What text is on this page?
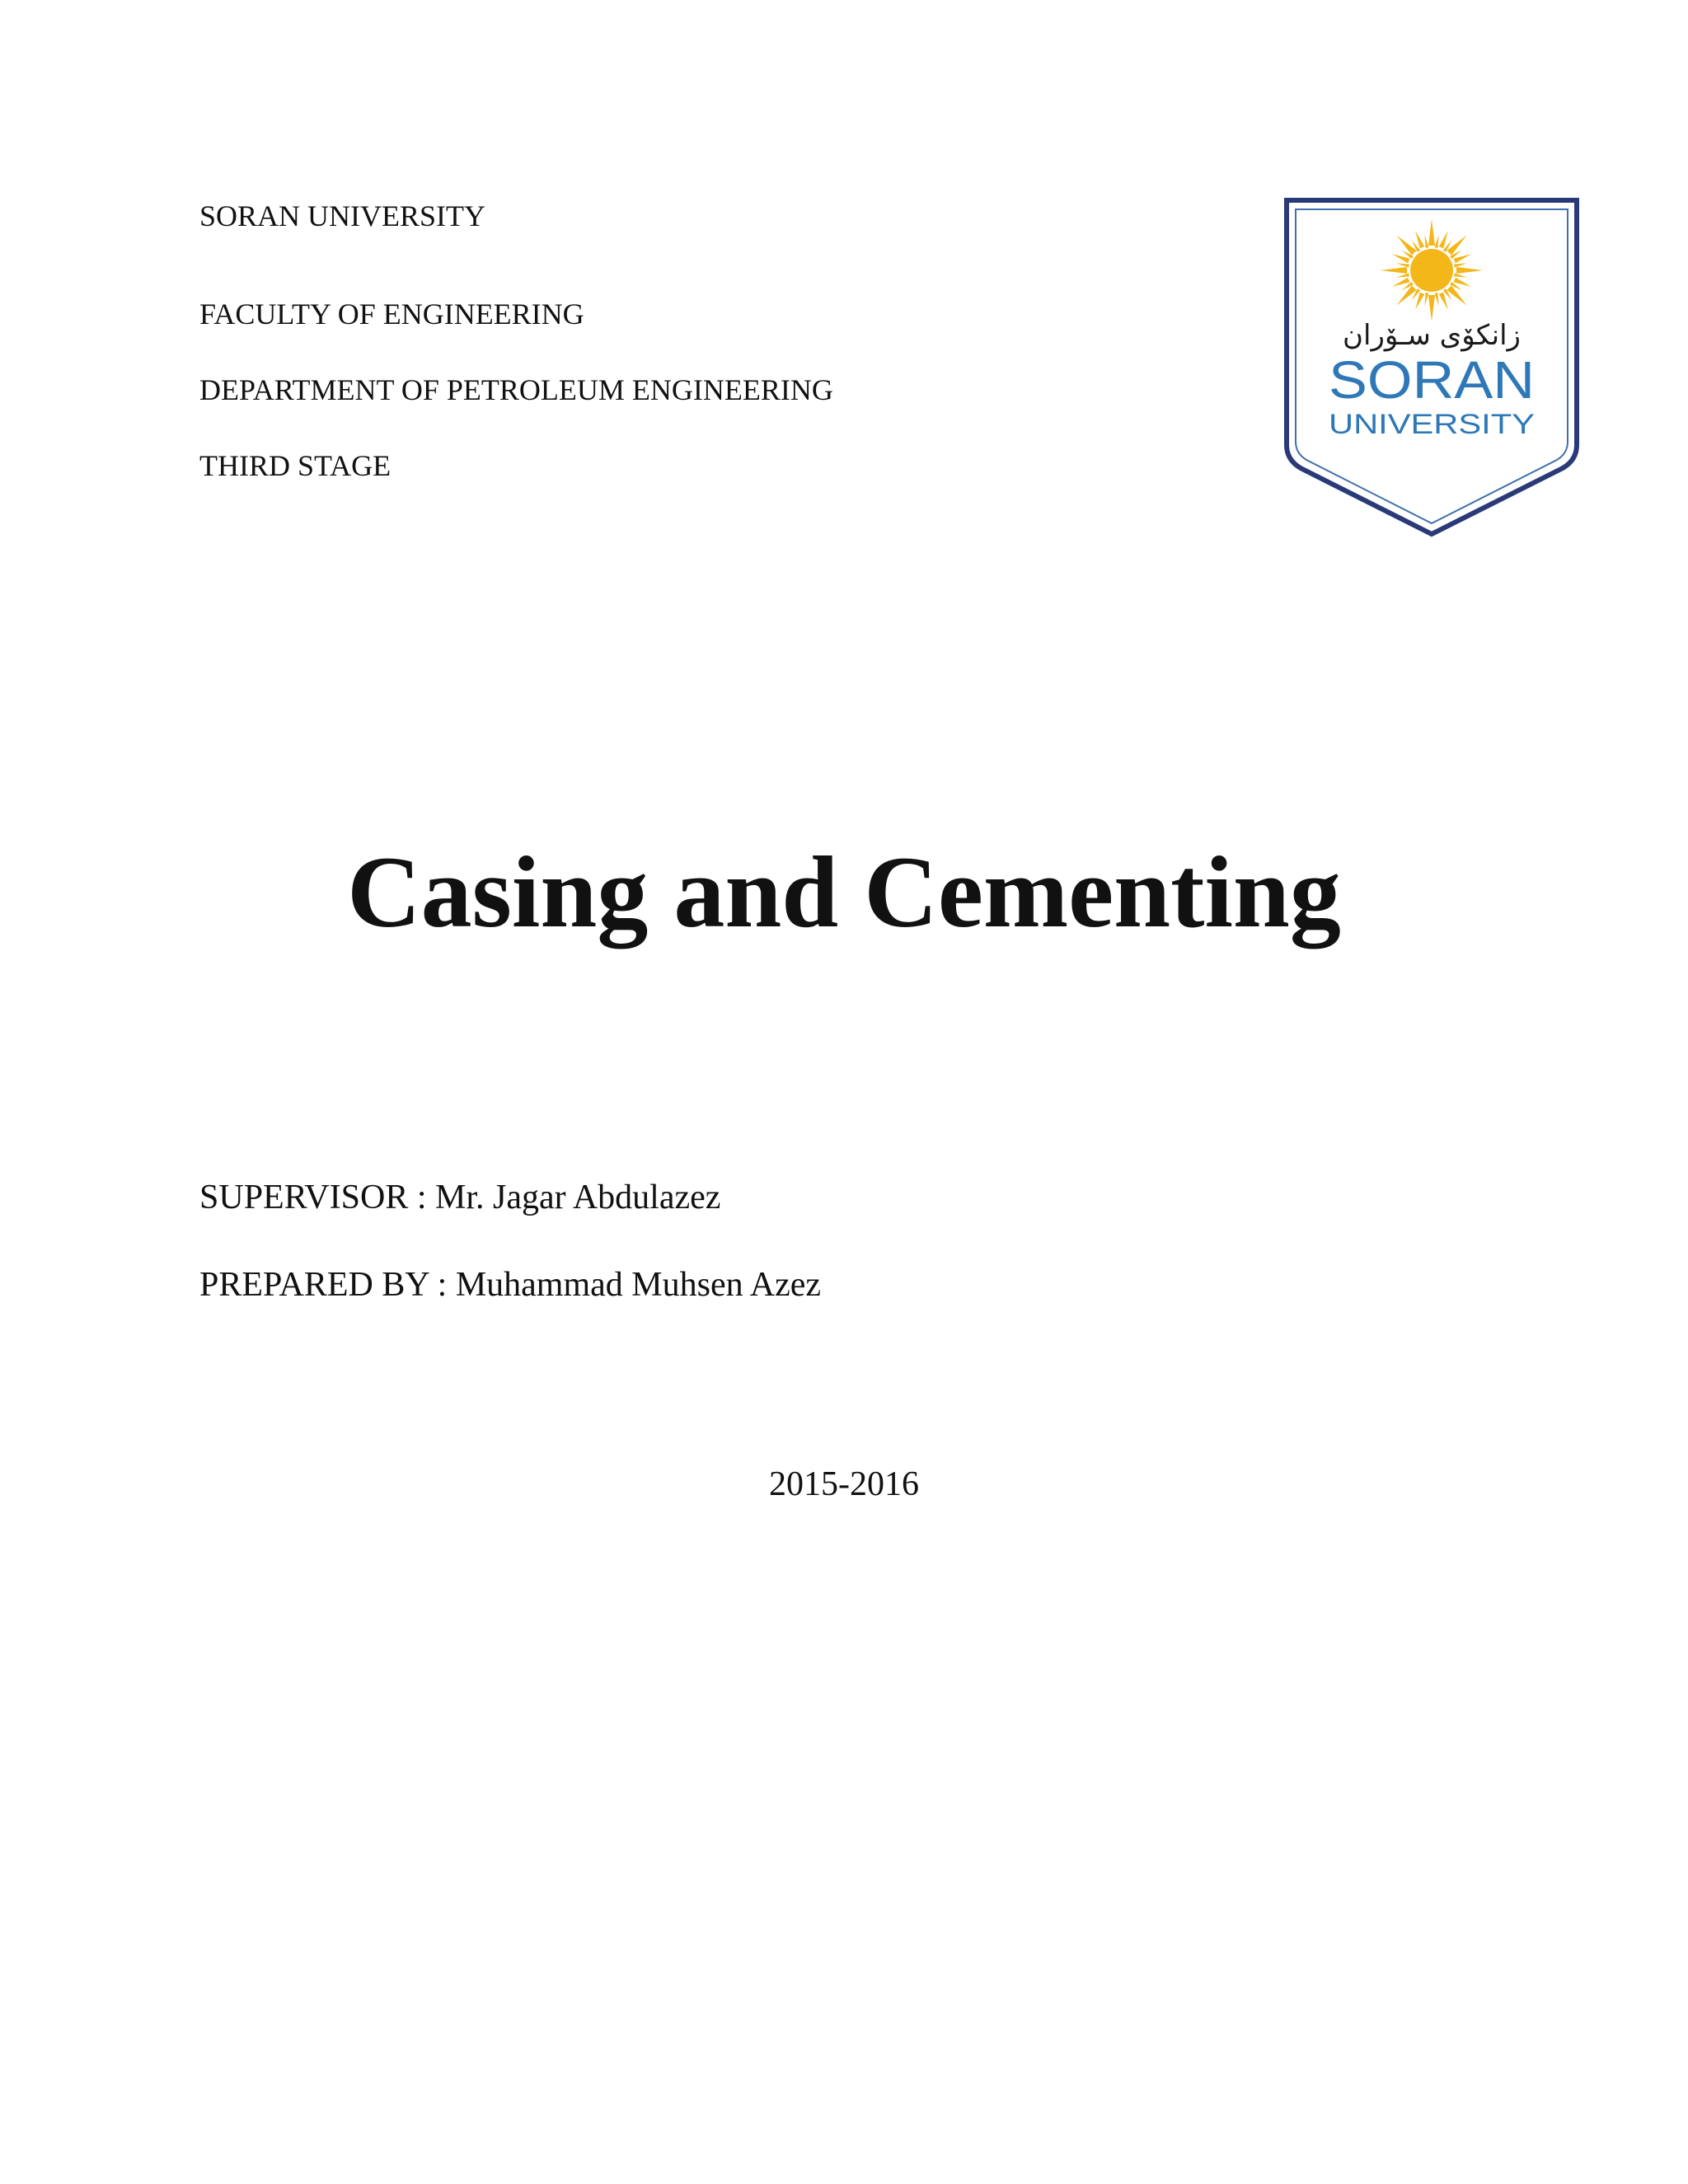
SORAN UNIVERSITY
FACULTY OF ENGINEERING
DEPARTMENT OF PETROLEUM ENGINEERING
THIRD STAGE
زانكۆی سـۆران
SORAN
UNIVERSITY
Casing and Cementing
SUPERVISOR : Mr. Jagar Abdulazez
PREPARED BY : Muhammad Muhsen Azez
2015-2016
